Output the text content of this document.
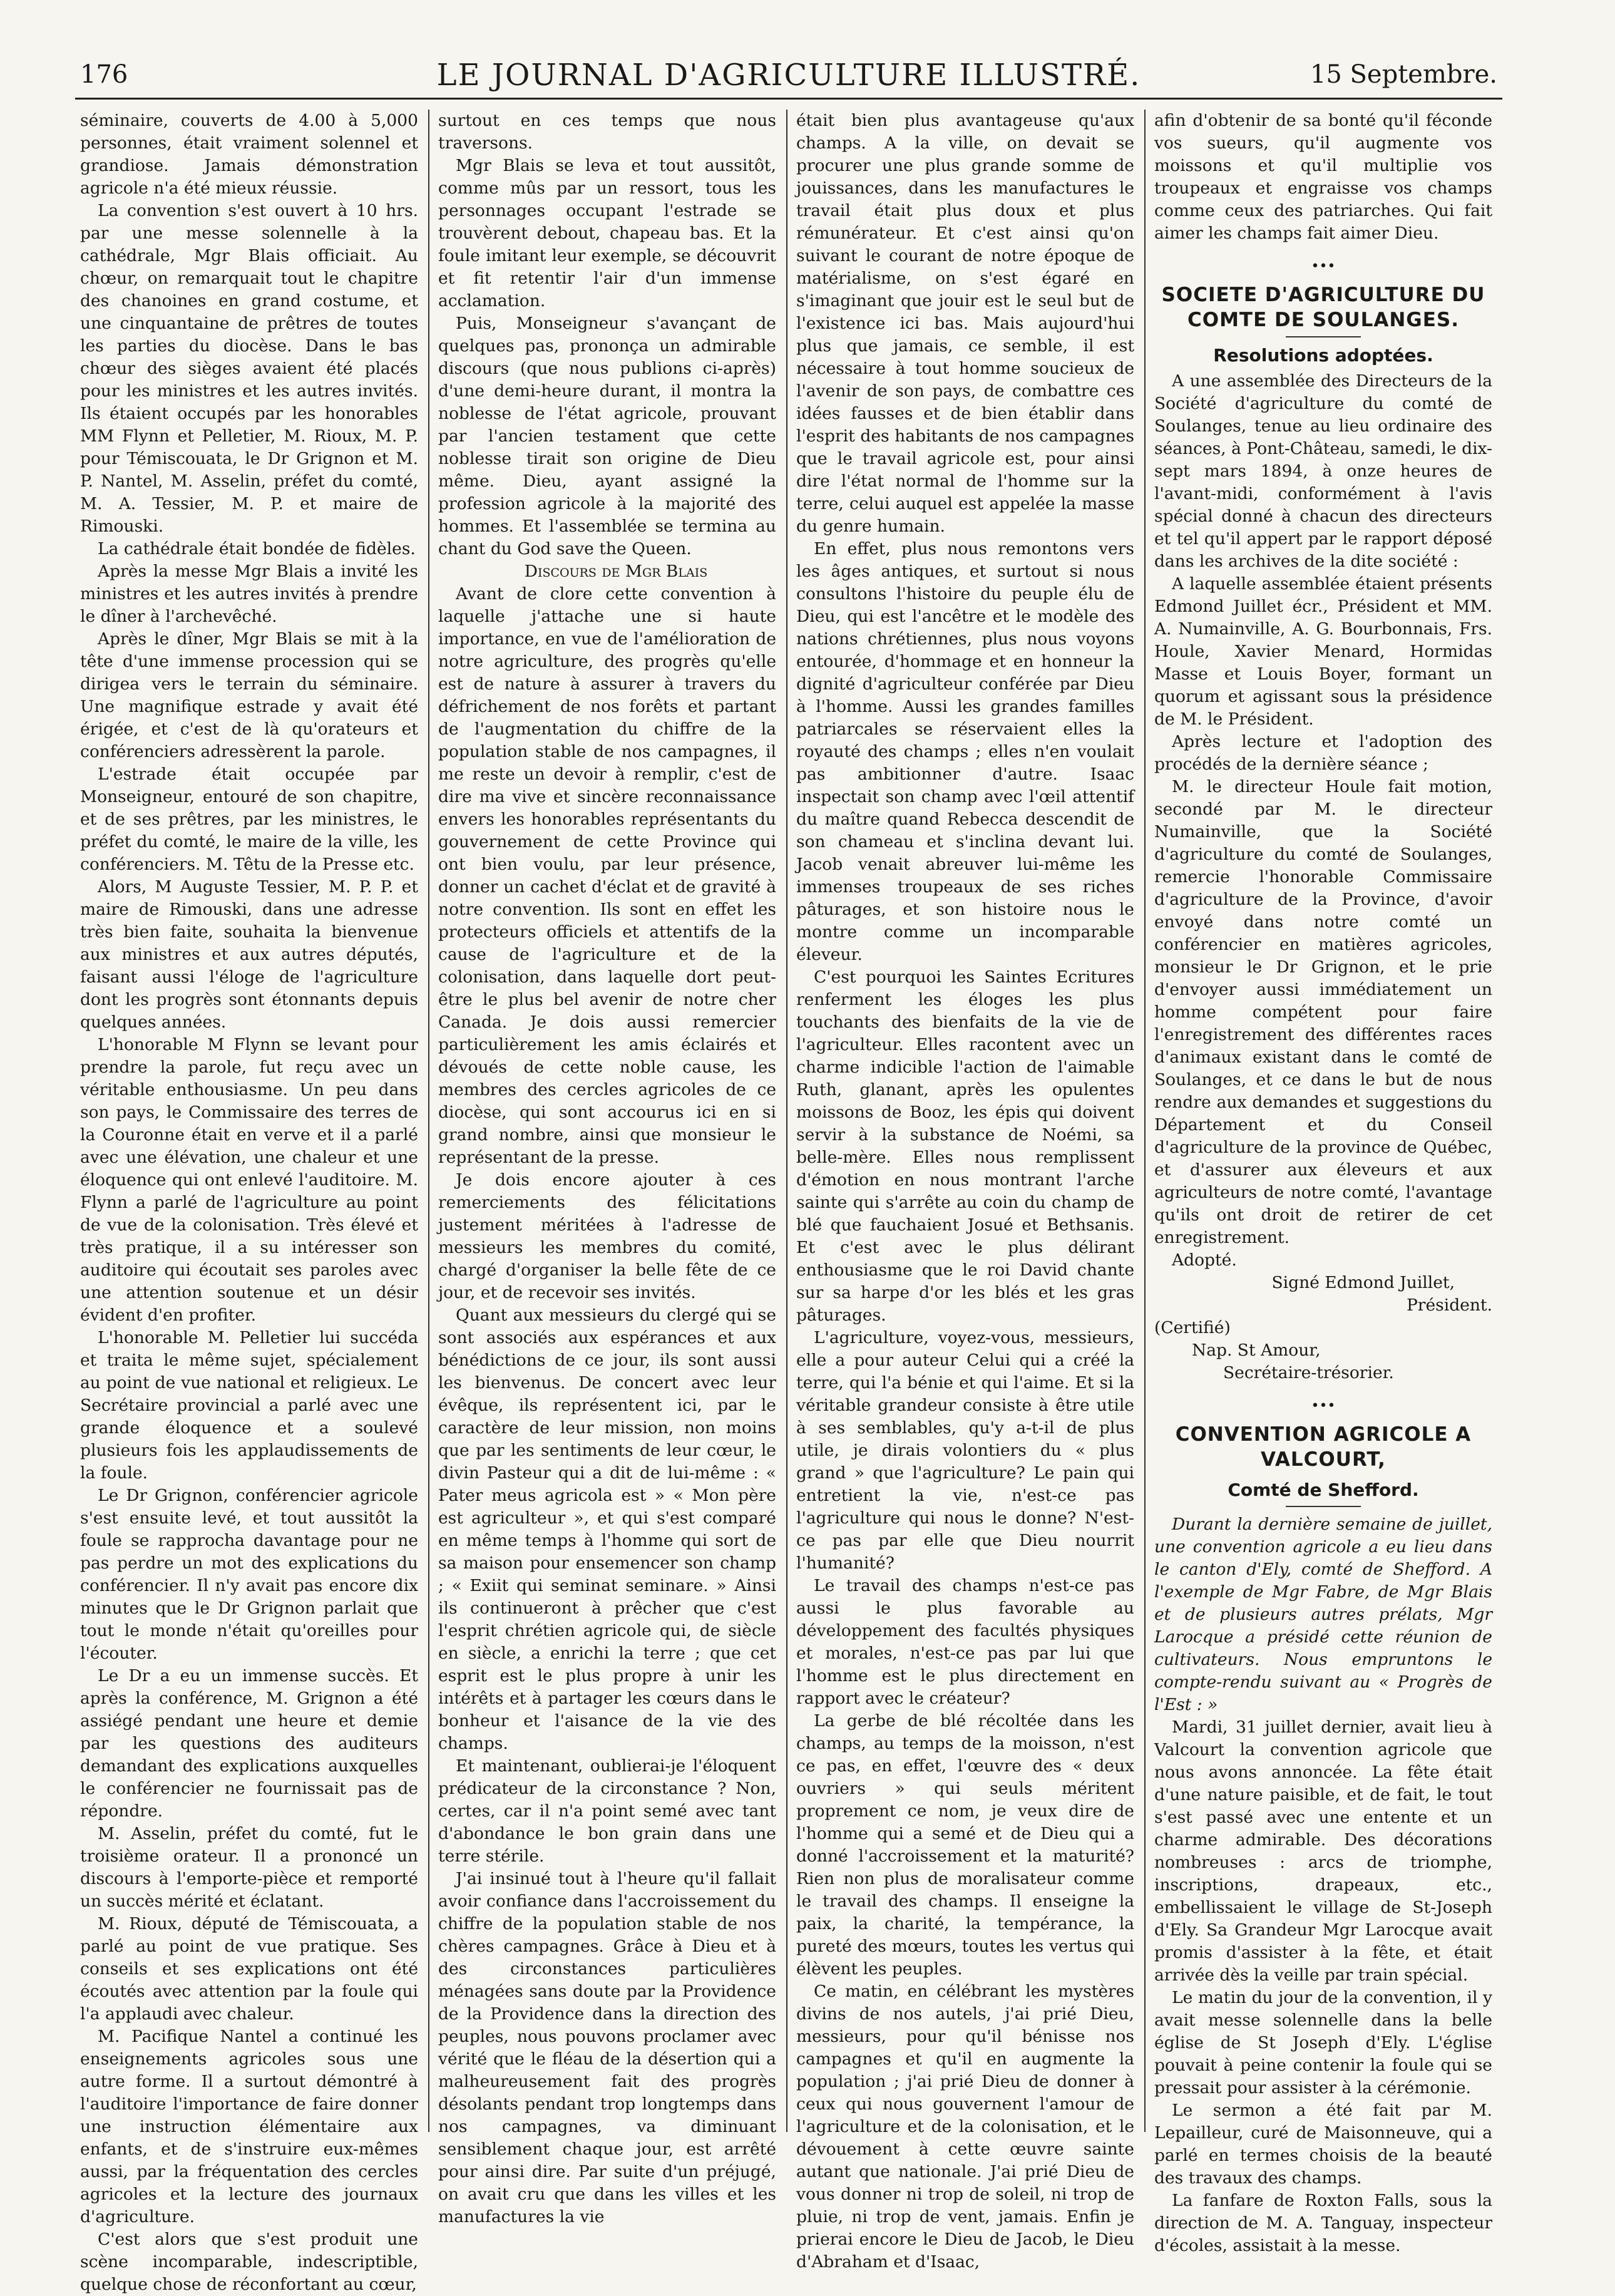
176	LE JOURNAL D'AGRICULTURE ILLUSTRÉ.	15 Septembre.

séminaire, couverts de 4.00 à 5,000 personnes, était vraiment solennel et grandiose. Jamais démonstration agricole n'a été mieux réussie.

La convention s'est ouvert à 10 hrs. par une messe solennelle à la cathédrale, Mgr Blais officiait. Au chœur, on remarquait tout le chapitre des chanoines en grand costume, et une cinquantaine de prêtres de toutes les parties du diocèse. Dans le bas chœur des sièges avaient été placés pour les ministres et les autres invités. Ils étaient occupés par les honorables MM Flynn et Pelletier, M. Rioux, M. P. pour Témiscouata, le Dr Grignon et M. P. Nantel, M. Asselin, préfet du comté, M. A. Tessier, M. P. et maire de Rimouski.

La cathédrale était bondée de fidèles.

Après la messe Mgr Blais a invité les ministres et les autres invités à prendre le dîner à l'archevêché.

Après le dîner, Mgr Blais se mit à la tête d'une immense procession qui se dirigea vers le terrain du séminaire. Une magnifique estrade y avait été érigée, et c'est de là qu'orateurs et conférenciers adressèrent la parole.

L'estrade était occupée par Monseigneur, entouré de son chapitre, et de ses prêtres, par les ministres, le préfet du comté, le maire de la ville, les conférenciers. M. Têtu de la Presse etc.

Alors, M Auguste Tessier, M. P. P. et maire de Rimouski, dans une adresse très bien faite, souhaita la bienvenue aux ministres et aux autres députés, faisant aussi l'éloge de l'agriculture dont les progrès sont étonnants depuis quelques années.

L'honorable M Flynn se levant pour prendre la parole, fut reçu avec un véritable enthousiasme. Un peu dans son pays, le Commissaire des terres de la Couronne était en verve et il a parlé avec une élévation, une chaleur et une éloquence qui ont enlevé l'auditoire. M. Flynn a parlé de l'agriculture au point de vue de la colonisation. Très élevé et très pratique, il a su intéresser son auditoire qui écoutait ses paroles avec une attention soutenue et un désir évident d'en profiter.

L'honorable M. Pelletier lui succéda et traita le même sujet, spécialement au point de vue national et religieux. Le Secrétaire provincial a parlé avec une grande éloquence et a soulevé plusieurs fois les applaudissements de la foule.

Le Dr Grignon, conférencier agricole s'est ensuite levé, et tout aussitôt la foule se rapprocha davantage pour ne pas perdre un mot des explications du conférencier. Il n'y avait pas encore dix minutes que le Dr Grignon parlait que tout le monde n'était qu'oreilles pour l'écouter.

Le Dr a eu un immense succès. Et après la conférence, M. Grignon a été assiégé pendant une heure et demie par les questions des auditeurs demandant des explications auxquelles le conférencier ne fournissait pas de répondre.

M. Asselin, préfet du comté, fut le troisième orateur. Il a prononcé un discours à l'emporte-pièce et remporté un succès mérité et éclatant.

M. Rioux, député de Témiscouata, a parlé au point de vue pratique. Ses conseils et ses explications ont été écoutés avec attention par la foule qui l'a applaudi avec chaleur.

M. Pacifique Nantel a continué les enseignements agricoles sous une autre forme. Il a surtout démontré à l'auditoire l'importance de faire donner une instruction élémentaire aux enfants, et de s'instruire eux-mêmes aussi, par la fréquentation des cercles agricoles et la lecture des journaux d'agriculture.

C'est alors que s'est produit une scène incomparable, indescriptible, quelque chose de réconfortant au cœur,

surtout en ces temps que nous traversons.

Mgr Blais se leva et tout aussitôt, comme mûs par un ressort, tous les personnages occupant l'estrade se trouvèrent debout, chapeau bas. Et la foule imitant leur exemple, se découvrit et fit retentir l'air d'un immense acclamation.

Puis, Monseigneur s'avançant de quelques pas, prononça un admirable discours (que nous publions ci-après) d'une demi-heure durant, il montra la noblesse de l'état agricole, prouvant par l'ancien testament que cette noblesse tirait son origine de Dieu même. Dieu, ayant assigné la profession agricole à la majorité des hommes. Et l'assemblée se termina au chant du God save the Queen.

Discours de Mgr Blais

Avant de clore cette convention à laquelle j'attache une si haute importance, en vue de l'amélioration de notre agriculture, des progrès qu'elle est de nature à assurer à travers du défrichement de nos forêts et partant de l'augmentation du chiffre de la population stable de nos campagnes, il me reste un devoir à remplir, c'est de dire ma vive et sincère reconnaissance envers les honorables représentants du gouvernement de cette Province qui ont bien voulu, par leur présence, donner un cachet d'éclat et de gravité à notre convention. Ils sont en effet les protecteurs officiels et attentifs de la cause de l'agriculture et de la colonisation, dans laquelle dort peut-être le plus bel avenir de notre cher Canada. Je dois aussi remercier particulièrement les amis éclairés et dévoués de cette noble cause, les membres des cercles agricoles de ce diocèse, qui sont accourus ici en si grand nombre, ainsi que monsieur le représentant de la presse.

Je dois encore ajouter à ces remerciements des félicitations justement méritées à l'adresse de messieurs les membres du comité, chargé d'organiser la belle fête de ce jour, et de recevoir ses invités.

Quant aux messieurs du clergé qui se sont associés aux espérances et aux bénédictions de ce jour, ils sont aussi les bienvenus. De concert avec leur évêque, ils représentent ici, par le caractère de leur mission, non moins que par les sentiments de leur cœur, le divin Pasteur qui a dit de lui-même : « Pater meus agricola est » « Mon père est agriculteur », et qui s'est comparé en même temps à l'homme qui sort de sa maison pour ensemencer son champ ; « Exiit qui seminat seminare. » Ainsi ils continueront à prêcher que c'est l'esprit chrétien agricole qui, de siècle en siècle, a enrichi la terre ; que cet esprit est le plus propre à unir les intérêts et à partager les cœurs dans le bonheur et l'aisance de la vie des champs.

Et maintenant, oublierai-je l'éloquent prédicateur de la circonstance ? Non, certes, car il n'a point semé avec tant d'abondance le bon grain dans une terre stérile.

J'ai insinué tout à l'heure qu'il fallait avoir confiance dans l'accroissement du chiffre de la population stable de nos chères campagnes. Grâce à Dieu et à des circonstances particulières ménagées sans doute par la Providence de la Providence dans la direction des peuples, nous pouvons proclamer avec vérité que le fléau de la désertion qui a malheureusement fait des progrès désolants pendant trop longtemps dans nos campagnes, va diminuant sensiblement chaque jour, est arrêté pour ainsi dire. Par suite d'un préjugé, on avait cru que dans les villes et les manufactures la vie

était bien plus avantageuse qu'aux champs. A la ville, on devait se procurer une plus grande somme de jouissances, dans les manufactures le travail était plus doux et plus rémunérateur. Et c'est ainsi qu'on suivant le courant de notre époque de matérialisme, on s'est égaré en s'imaginant que jouir est le seul but de l'existence ici bas. Mais aujourd'hui plus que jamais, ce semble, il est nécessaire à tout homme soucieux de l'avenir de son pays, de combattre ces idées fausses et de bien établir dans l'esprit des habitants de nos campagnes que le travail agricole est, pour ainsi dire l'état normal de l'homme sur la terre, celui auquel est appelée la masse du genre humain.

En effet, plus nous remontons vers les âges antiques, et surtout si nous consultons l'histoire du peuple élu de Dieu, qui est l'ancêtre et le modèle des nations chrétiennes, plus nous voyons entourée, d'hommage et en honneur la dignité d'agriculteur conférée par Dieu à l'homme. Aussi les grandes familles patriarcales se réservaient elles la royauté des champs ; elles n'en voulait pas ambitionner d'autre. Isaac inspectait son champ avec l'œil attentif du maître quand Rebecca descendit de son chameau et s'inclina devant lui. Jacob venait abreuver lui-même les immenses troupeaux de ses riches pâturages, et son histoire nous le montre comme un incomparable éleveur.

C'est pourquoi les Saintes Ecritures renferment les éloges les plus touchants des bienfaits de la vie de l'agriculteur. Elles racontent avec un charme indicible l'action de l'aimable Ruth, glanant, après les opulentes moissons de Booz, les épis qui doivent servir à la substance de Noémi, sa belle-mère. Elles nous remplissent d'émotion en nous montrant l'arche sainte qui s'arrête au coin du champ de blé que fauchaient Josué et Bethsanis. Et c'est avec le plus délirant enthousiasme que le roi David chante sur sa harpe d'or les blés et les gras pâturages.

L'agriculture, voyez-vous, messieurs, elle a pour auteur Celui qui a créé la terre, qui l'a bénie et qui l'aime. Et si la véritable grandeur consiste à être utile à ses semblables, qu'y a-t-il de plus utile, je dirais volontiers du « plus grand » que l'agriculture? Le pain qui entretient la vie, n'est-ce pas l'agriculture qui nous le donne? N'est-ce pas par elle que Dieu nourrit l'humanité?

Le travail des champs n'est-ce pas aussi le plus favorable au développement des facultés physiques et morales, n'est-ce pas par lui que l'homme est le plus directement en rapport avec le créateur?

La gerbe de blé récoltée dans les champs, au temps de la moisson, n'est ce pas, en effet, l'œuvre des « deux ouvriers » qui seuls méritent proprement ce nom, je veux dire de l'homme qui a semé et de Dieu qui a donné l'accroissement et la maturité? Rien non plus de moralisateur comme le travail des champs. Il enseigne la paix, la charité, la tempérance, la pureté des mœurs, toutes les vertus qui élèvent les peuples.

Ce matin, en célébrant les mystères divins de nos autels, j'ai prié Dieu, messieurs, pour qu'il bénisse nos campagnes et qu'il en augmente la population ; j'ai prié Dieu de donner à ceux qui nous gouvernent l'amour de l'agriculture et de la colonisation, et le dévouement à cette œuvre sainte autant que nationale. J'ai prié Dieu de vous donner ni trop de soleil, ni trop de pluie, ni trop de vent, jamais. Enfin je prierai encore le Dieu de Jacob, le Dieu d'Abraham et d'Isaac,

afin d'obtenir de sa bonté qu'il féconde vos sueurs, qu'il augmente vos moissons et qu'il multiplie vos troupeaux et engraisse vos champs comme ceux des patriarches. Qui fait aimer les champs fait aimer Dieu.

•••
SOCIETE D'AGRICULTURE DU COMTE DE SOULANGES.
Resolutions adoptées.

A une assemblée des Directeurs de la Société d'agriculture du comté de Soulanges, tenue au lieu ordinaire des séances, à Pont-Château, samedi, le dix-sept mars 1894, à onze heures de l'avant-midi, conformément à l'avis spécial donné à chacun des directeurs et tel qu'il appert par le rapport déposé dans les archives de la dite société :

A laquelle assemblée étaient présents Edmond Juillet écr., Président et MM. A. Numainville, A. G. Bourbonnais, Frs. Houle, Xavier Menard, Hormidas Masse et Louis Boyer, formant un quorum et agissant sous la présidence de M. le Président.

Après lecture et l'adoption des procédés de la dernière séance ;

M. le directeur Houle fait motion, secondé par M. le directeur Numainville, que la Société d'agriculture du comté de Soulanges, remercie l'honorable Commissaire d'agriculture de la Province, d'avoir envoyé dans notre comté un conférencier en matières agricoles, monsieur le Dr Grignon, et le prie d'envoyer aussi immédiatement un homme compétent pour faire l'enregistrement des différentes races d'animaux existant dans le comté de Soulanges, et ce dans le but de nous rendre aux demandes et suggestions du Département et du Conseil d'agriculture de la province de Québec, et d'assurer aux éleveurs et aux agriculteurs de notre comté, l'avantage qu'ils ont droit de retirer de cet enregistrement.

Adopté.

Signé Edmond Juillet,

Président.

(Certifié)

Nap. St Amour,

Secrétaire-trésorier.

•••
CONVENTION AGRICOLE A VALCOURT,
Comté de Shefford.

Durant la dernière semaine de juillet, une convention agricole a eu lieu dans le canton d'Ely, comté de Shefford. A l'exemple de Mgr Fabre, de Mgr Blais et de plusieurs autres prélats, Mgr Larocque a présidé cette réunion de cultivateurs. Nous empruntons le compte-rendu suivant au « Progrès de l'Est : »

Mardi, 31 juillet dernier, avait lieu à Valcourt la convention agricole que nous avons annoncée. La fête était d'une nature paisible, et de fait, le tout s'est passé avec une entente et un charme admirable. Des décorations nombreuses : arcs de triomphe, inscriptions, drapeaux, etc., embellissaient le village de St-Joseph d'Ely. Sa Grandeur Mgr Larocque avait promis d'assister à la fête, et était arrivée dès la veille par train spécial.

Le matin du jour de la convention, il y avait messe solennelle dans la belle église de St Joseph d'Ely. L'église pouvait à peine contenir la foule qui se pressait pour assister à la cérémonie.

Le sermon a été fait par M. Lepailleur, curé de Maisonneuve, qui a parlé en termes choisis de la beauté des travaux des champs.

La fanfare de Roxton Falls, sous la direction de M. A. Tanguay, inspecteur d'écoles, assistait à la messe.
